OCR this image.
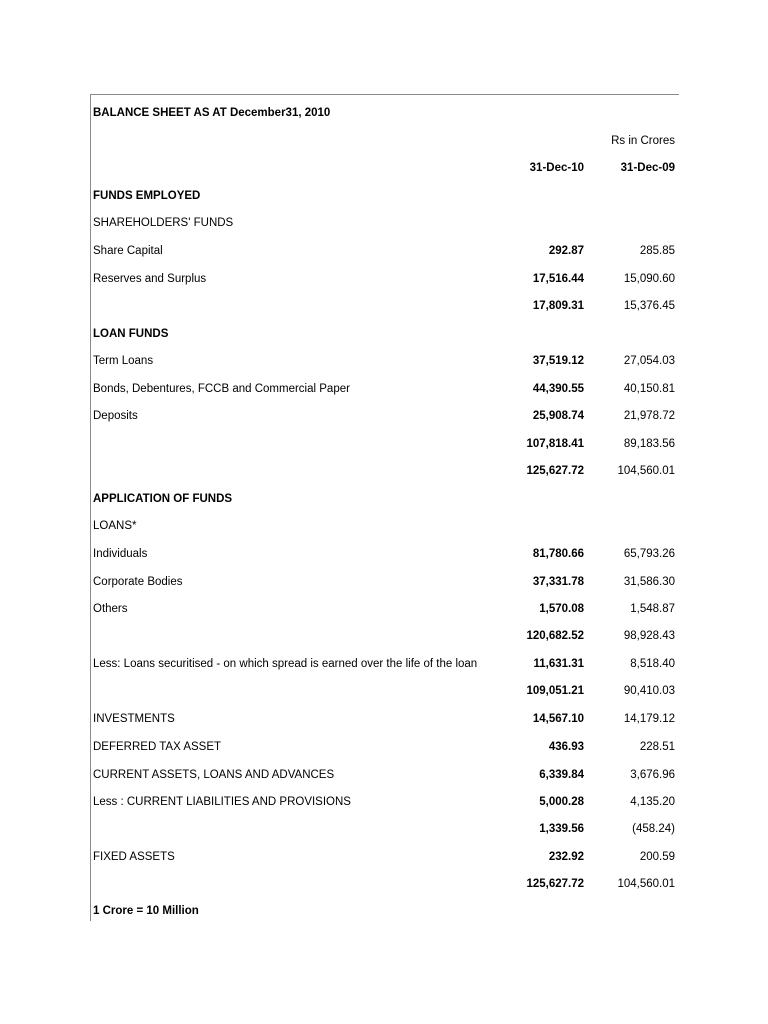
BALANCE SHEET AS AT December31, 2010
Rs in Crores
31-Dec-10	31-Dec-09
FUNDS EMPLOYED
SHAREHOLDERS' FUNDS
Share Capital	292.87	285.85
Reserves and Surplus	17,516.44	15,090.60
17,809.31	15,376.45
LOAN FUNDS
Term Loans	37,519.12	27,054.03
Bonds, Debentures, FCCB and Commercial Paper	44,390.55	40,150.81
Deposits	25,908.74	21,978.72
107,818.41	89,183.56
125,627.72	104,560.01
APPLICATION OF FUNDS
LOANS*
Individuals	81,780.66	65,793.26
Corporate Bodies	37,331.78	31,586.30
Others	1,570.08	1,548.87
120,682.52	98,928.43
Less: Loans securitised - on which spread is earned over the life of the loan	11,631.31	8,518.40
109,051.21	90,410.03
INVESTMENTS	14,567.10	14,179.12
DEFERRED TAX ASSET	436.93	228.51
CURRENT ASSETS, LOANS AND ADVANCES	6,339.84	3,676.96
Less : CURRENT LIABILITIES AND PROVISIONS	5,000.28	4,135.20
1,339.56	(458.24)
FIXED ASSETS	232.92	200.59
125,627.72	104,560.01
1 Crore = 10 Million
